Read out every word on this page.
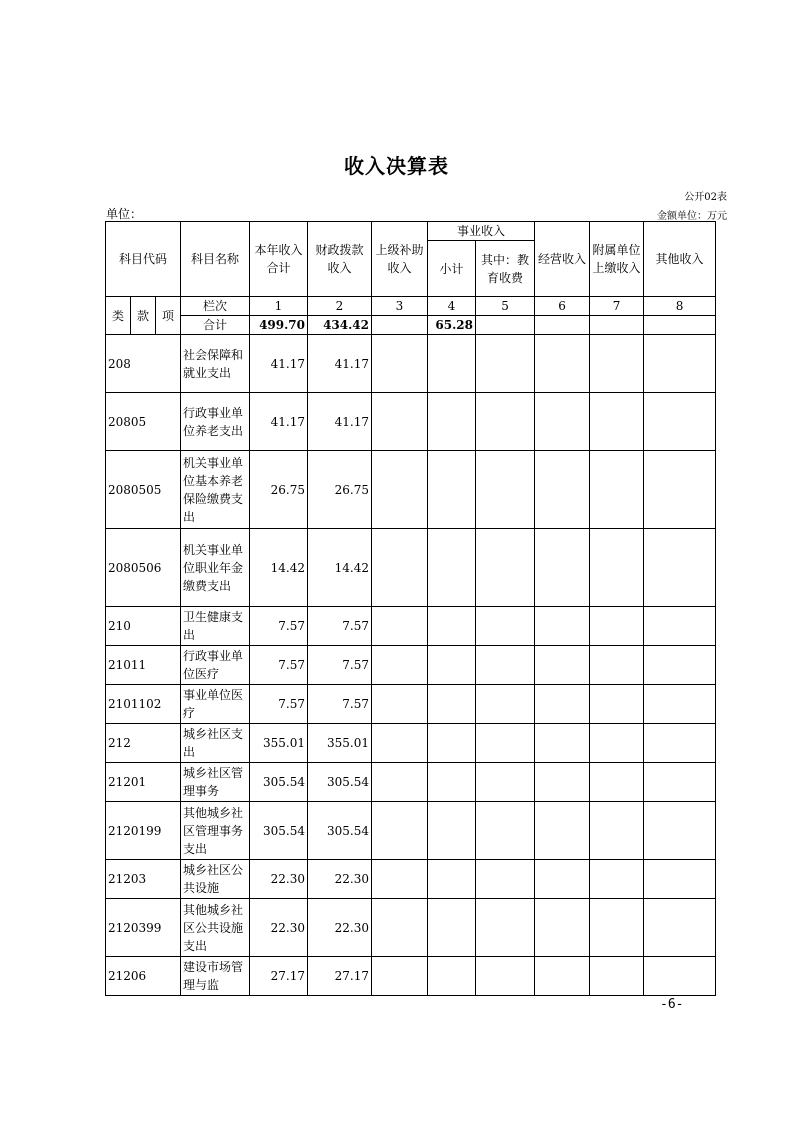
收入决算表
公开02表
单位：	金额单位：万元
科目代码			科目名称	本年收入合计	财政拨款收入	上级补助收入	事业收入		经营收入	附属单位上缴收入	其他收入
							小计	其中：教育收费			
类	款	项	栏次	1	2	3	4	5	6	7	8
			合计	499.70	434.42		65.28				
208			社会保障和就业支出	41.17	41.17						
20805			行政事业单位养老支出	41.17	41.17						
2080505			机关事业单位基本养老保险缴费支出	26.75	26.75						
2080506			机关事业单位职业年金缴费支出	14.42	14.42						
210			卫生健康支出	7.57	7.57						
21011			行政事业单位医疗	7.57	7.57						
2101102			事业单位医疗	7.57	7.57						
212			城乡社区支出	355.01	355.01						
21201			城乡社区管理事务	305.54	305.54						
2120199			其他城乡社区管理事务支出	305.54	305.54						
21203			城乡社区公共设施	22.30	22.30						
2120399			其他城乡社区公共设施支出	22.30	22.30						
21206			建设市场管理与监	27.17	27.17						
-6-
